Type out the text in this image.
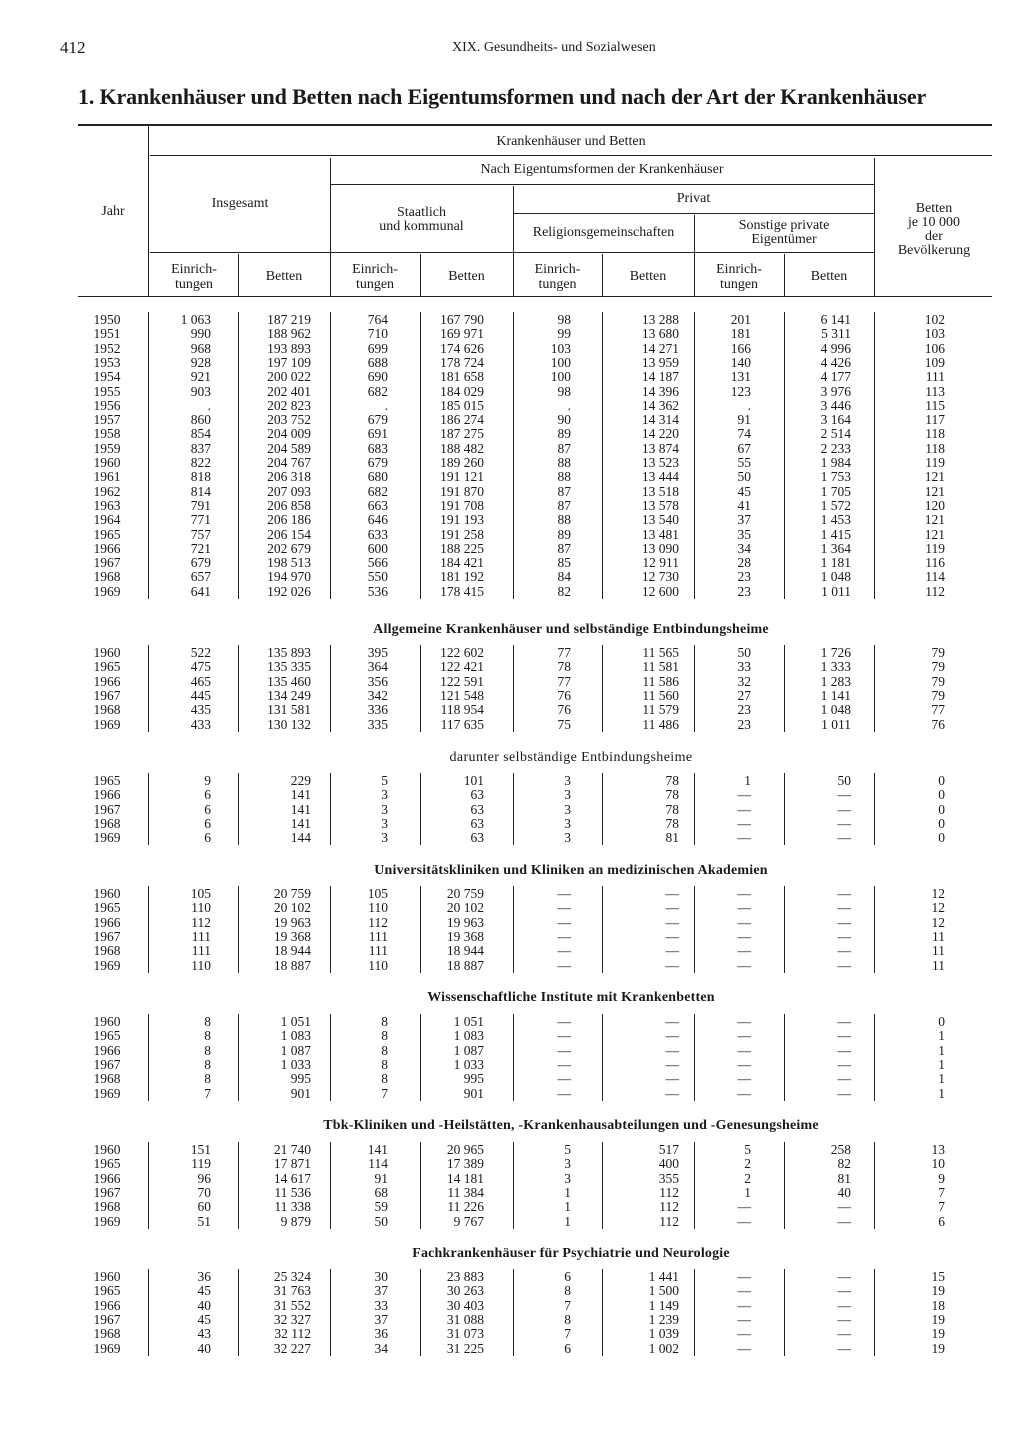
412	XIX. Gesundheits- und Sozialwesen
1. Krankenhäuser und Betten nach Eigentumsformen und nach der Art der Krankenhäuser
Jahr
Krankenhäuser und Betten
Insgesamt
Nach Eigentumsformen der Krankenhäuser
Staatlich
und kommunal
Privat
Religionsgemeinschaften	Sonstige private
Eigentümer
Betten
je 10 000
der
Bevölkerung
Einrich-
tungen
Betten	Einrich-
tungen
Betten	Einrich-
tungen
Betten	Einrich-
tungen
Betten
1950	1 063	187 219	764	167 790	98	13 288	201	6 141	102
1951	990	188 962	710	169 971	99	13 680	181	5 311	103
1952	968	193 893	699	174 626	103	14 271	166	4 996	106
1953	928	197 109	688	178 724	100	13 959	140	4 426	109
1954	921	200 022	690	181 658	100	14 187	131	4 177	111
1955	903	202 401	682	184 029	98	14 396	123	3 976	113
1956	.	202 823	.	185 015	.	14 362	.	3 446	115
1957	860	203 752	679	186 274	90	14 314	91	3 164	117
1958	854	204 009	691	187 275	89	14 220	74	2 514	118
1959	837	204 589	683	188 482	87	13 874	67	2 233	118
1960	822	204 767	679	189 260	88	13 523	55	1 984	119
1961	818	206 318	680	191 121	88	13 444	50	1 753	121
1962	814	207 093	682	191 870	87	13 518	45	1 705	121
1963	791	206 858	663	191 708	87	13 578	41	1 572	120
1964	771	206 186	646	191 193	88	13 540	37	1 453	121
1965	757	206 154	633	191 258	89	13 481	35	1 415	121
1966	721	202 679	600	188 225	87	13 090	34	1 364	119
1967	679	198 513	566	184 421	85	12 911	28	1 181	116
1968	657	194 970	550	181 192	84	12 730	23	1 048	114
1969	641	192 026	536	178 415	82	12 600	23	1 011	112
Allgemeine Krankenhäuser und selbständige Entbindungsheime
1960	522	135 893	395	122 602	77	11 565	50	1 726	79
1965	475	135 335	364	122 421	78	11 581	33	1 333	79
1966	465	135 460	356	122 591	77	11 586	32	1 283	79
1967	445	134 249	342	121 548	76	11 560	27	1 141	79
1968	435	131 581	336	118 954	76	11 579	23	1 048	77
1969	433	130 132	335	117 635	75	11 486	23	1 011	76
darunter selbständige Entbindungsheime
1965	9	229	5	101	3	78	1	50	0
1966	6	141	3	63	3	78	—	—	0
1967	6	141	3	63	3	78	—	—	0
1968	6	141	3	63	3	78	—	—	0
1969	6	144	3	63	3	81	—	—	0
Universitätskliniken und Kliniken an medizinischen Akademien
1960	105	20 759	105	20 759	—	—	—	—	12
1965	110	20 102	110	20 102	—	—	—	—	12
1966	112	19 963	112	19 963	—	—	—	—	12
1967	111	19 368	111	19 368	—	—	—	—	11
1968	111	18 944	111	18 944	—	—	—	—	11
1969	110	18 887	110	18 887	—	—	—	—	11
Wissenschaftliche Institute mit Krankenbetten
1960	8	1 051	8	1 051	—	—	—	—	0
1965	8	1 083	8	1 083	—	—	—	—	1
1966	8	1 087	8	1 087	—	—	—	—	1
1967	8	1 033	8	1 033	—	—	—	—	1
1968	8	995	8	995	—	—	—	—	1
1969	7	901	7	901	—	—	—	—	1
Tbk-Kliniken und -Heilstätten, -Krankenhausabteilungen und -Genesungsheime
1960	151	21 740	141	20 965	5	517	5	258	13
1965	119	17 871	114	17 389	3	400	2	82	10
1966	96	14 617	91	14 181	3	355	2	81	9
1967	70	11 536	68	11 384	1	112	1	40	7
1968	60	11 338	59	11 226	1	112	—	—	7
1969	51	9 879	50	9 767	1	112	—	—	6
Fachkrankenhäuser für Psychiatrie und Neurologie
1960	36	25 324	30	23 883	6	1 441	—	—	15
1965	45	31 763	37	30 263	8	1 500	—	—	19
1966	40	31 552	33	30 403	7	1 149	—	—	18
1967	45	32 327	37	31 088	8	1 239	—	—	19
1968	43	32 112	36	31 073	7	1 039	—	—	19
1969	40	32 227	34	31 225	6	1 002	—	—	19
